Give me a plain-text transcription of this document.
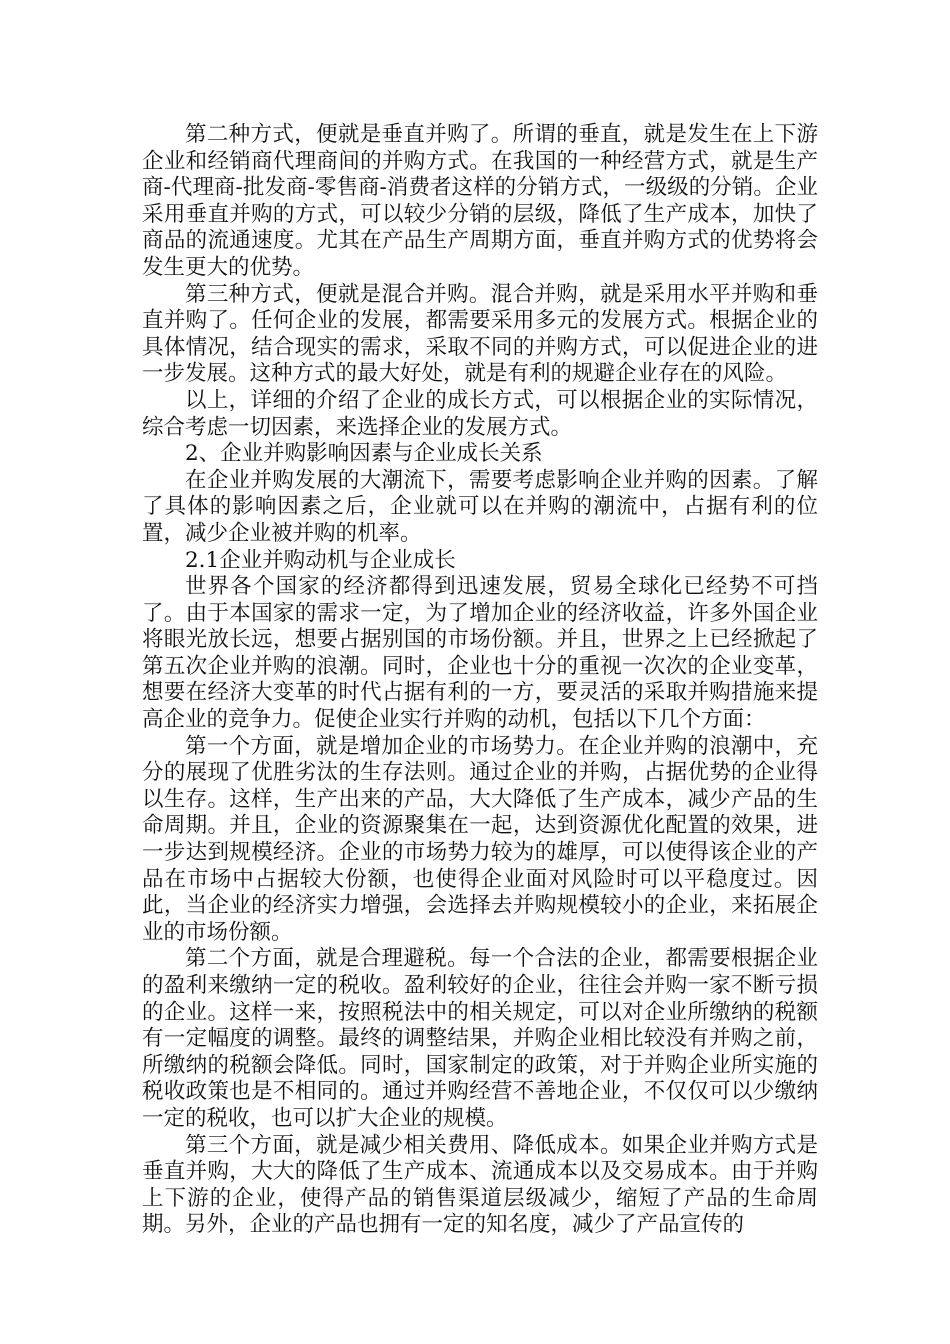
第二种方式，便就是垂直并购了。所谓的垂直，就是发生在上下游企业和经销商代理商间的并购方式。在我国的一种经营方式，就是生产商-代理商-批发商-零售商-消费者这样的分销方式，一级级的分销。企业采用垂直并购的方式，可以较少分销的层级，降低了生产成本，加快了商品的流通速度。尤其在产品生产周期方面，垂直并购方式的优势将会发生更大的优势。

第三种方式，便就是混合并购。混合并购，就是采用水平并购和垂直并购了。任何企业的发展，都需要采用多元的发展方式。根据企业的具体情况，结合现实的需求，采取不同的并购方式，可以促进企业的进一步发展。这种方式的最大好处，就是有利的规避企业存在的风险。

以上，详细的介绍了企业的成长方式，可以根据企业的实际情况，综合考虑一切因素，来选择企业的发展方式。

2、企业并购影响因素与企业成长关系

在企业并购发展的大潮流下，需要考虑影响企业并购的因素。了解了具体的影响因素之后，企业就可以在并购的潮流中，占据有利的位置，减少企业被并购的机率。

2.1企业并购动机与企业成长

世界各个国家的经济都得到迅速发展，贸易全球化已经势不可挡了。由于本国家的需求一定，为了增加企业的经济收益，许多外国企业将眼光放长远，想要占据别国的市场份额。并且，世界之上已经掀起了第五次企业并购的浪潮。同时，企业也十分的重视一次次的企业变革，想要在经济大变革的时代占据有利的一方，要灵活的采取并购措施来提高企业的竞争力。促使企业实行并购的动机，包括以下几个方面：

第一个方面，就是增加企业的市场势力。在企业并购的浪潮中，充分的展现了优胜劣汰的生存法则。通过企业的并购，占据优势的企业得以生存。这样，生产出来的产品，大大降低了生产成本，减少产品的生命周期。并且，企业的资源聚集在一起，达到资源优化配置的效果，进一步达到规模经济。企业的市场势力较为的雄厚，可以使得该企业的产品在市场中占据较大份额，也使得企业面对风险时可以平稳度过。因此，当企业的经济实力增强，会选择去并购规模较小的企业，来拓展企业的市场份额。

第二个方面，就是合理避税。每一个合法的企业，都需要根据企业的盈利来缴纳一定的税收。盈利较好的企业，往往会并购一家不断亏损的企业。这样一来，按照税法中的相关规定，可以对企业所缴纳的税额有一定幅度的调整。最终的调整结果，并购企业相比较没有并购之前，所缴纳的税额会降低。同时，国家制定的政策，对于并购企业所实施的税收政策也是不相同的。通过并购经营不善地企业，不仅仅可以少缴纳一定的税收，也可以扩大企业的规模。

第三个方面，就是减少相关费用、降低成本。如果企业并购方式是垂直并购，大大的降低了生产成本、流通成本以及交易成本。由于并购上下游的企业，使得产品的销售渠道层级减少，缩短了产品的生命周期。另外，企业的产品也拥有一定的知名度，减少了产品宣传的
